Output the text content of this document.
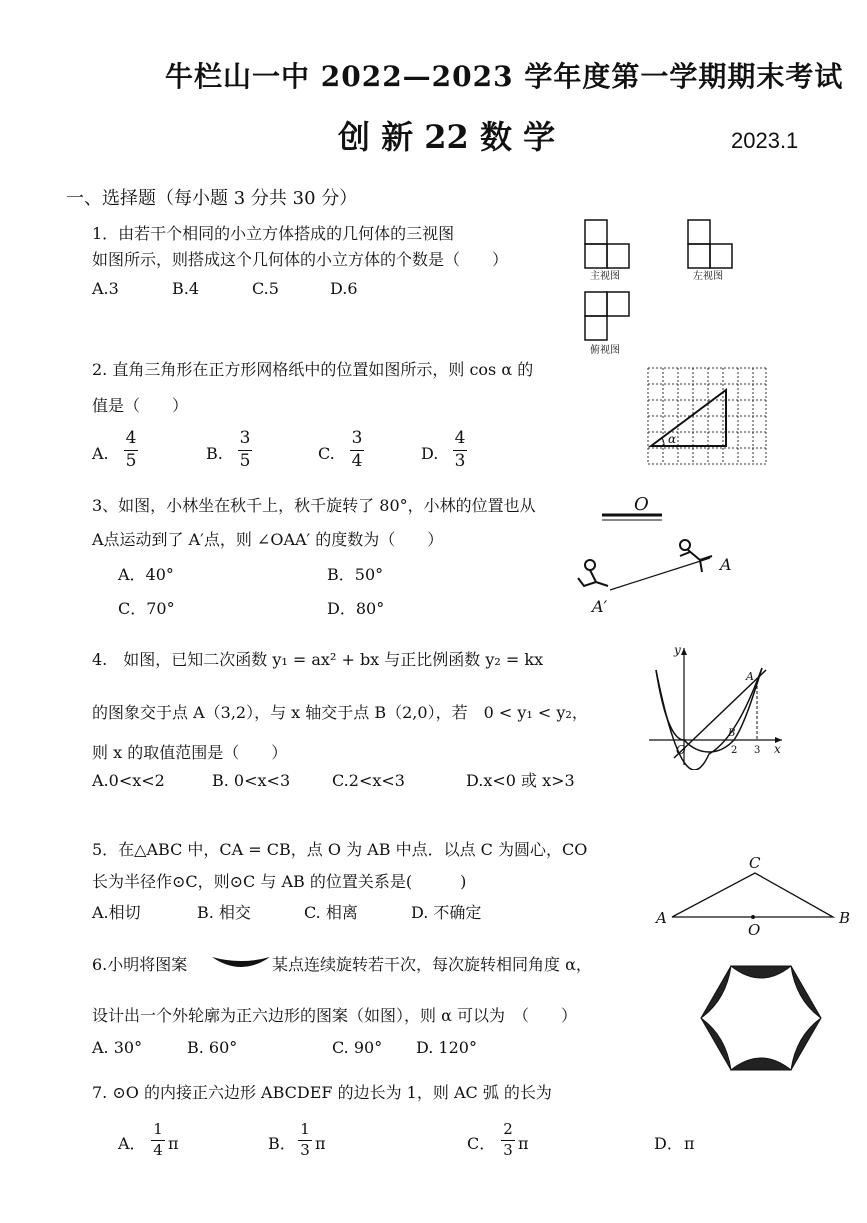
牛栏山一中 2022—2023 学年度第一学期期末考试
创 新 22 数 学	2023.1
一、选择题（每小题 3 分共 30 分）
1．由若干个相同的小立方体搭成的几何体的三视图
如图所示，则搭成这个几何体的小立方体的个数是（　　）
A.3	B.4	C.5	D.6
主视图	左视图
俯视图
2. 直角三角形在正方形网格纸中的位置如图所示，则 cos α 的
值是（　　）
A.
4
5	B.
3
5	C.
3
4	D.
4
3
α
3、如图，小林坐在秋千上，秋千旋转了 80°，小林的位置也从
A点运动到了 A′点，则 ∠OAA′ 的度数为（　　）
A．40°	B．50°
C．70°	D．80°
O
A
A′
4.　如图，已知二次函数 y₁ = ax² + bx 与正比例函数 y₂ = kx
的图象交于点 A（3,2），与 x 轴交于点 B（2,0），若　0 < y₁ < y₂，
则 x 的取值范围是（　　）
A.0<x<2	B. 0<x<3	C.2<x<3	D.x<0 或 x>3
y
x
O
A
B
2 3
5．在△ABC 中，CA = CB，点 O 为 AB 中点．以点 C 为圆心，CO
长为半径作⊙C，则⊙C 与 AB 的位置关系是(　　　)
A.相切	B. 相交	C. 相离	D. 不确定
C
A	B
O
6.小明将图案	某点连续旋转若干次，每次旋转相同角度 α，
设计出一个外轮廓为正六边形的图案（如图），则 α 可以为　（　　）
A. 30°	B. 60°	C. 90° D. 120°
7. ⊙O 的内接正六边形 ABCDEF 的边长为 1，则 AC 弧 的长为
A．
1
4 π	B．
1
3 π	C．
2
3 π	D． π
